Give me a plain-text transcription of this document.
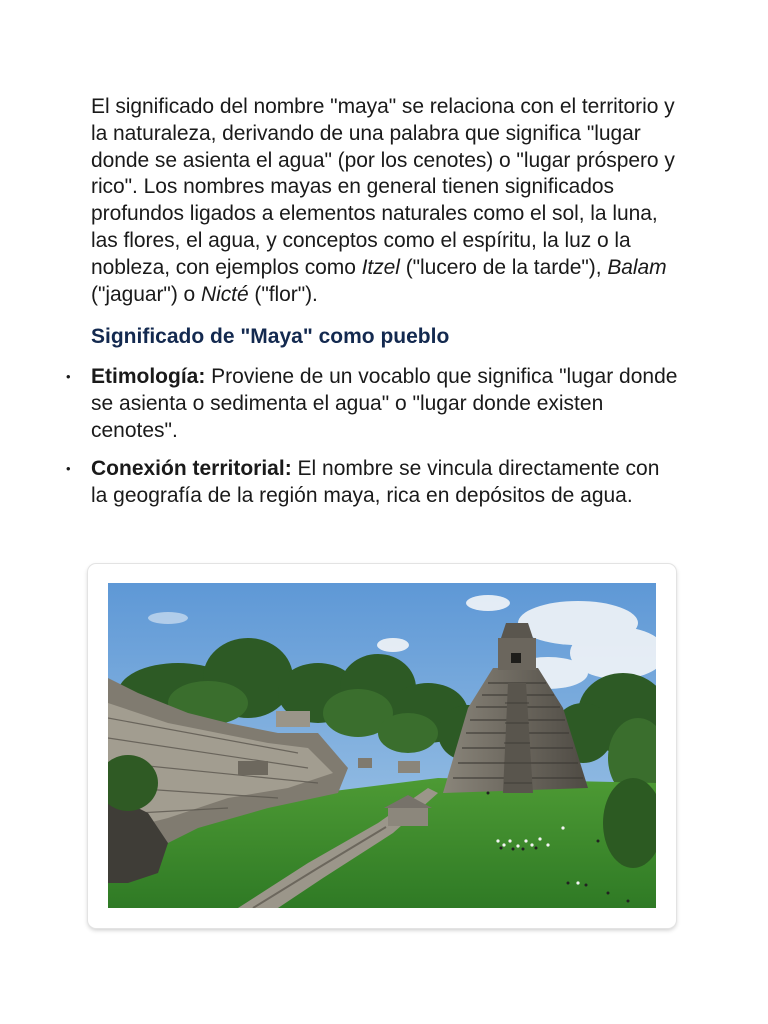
El significado del nombre "maya" se relaciona con el territorio y la naturaleza, derivando de una palabra que significa "lugar donde se asienta el agua" (por los cenotes) o "lugar próspero y rico". Los nombres mayas en general tienen significados profundos ligados a elementos naturales como el sol, la luna, las flores, el agua, y conceptos como el espíritu, la luz o la nobleza, con ejemplos como Itzel ("lucero de la tarde"), Balam ("jaguar") o Nicté ("flor").

Significado de "Maya" como pueblo
• Etimología: Proviene de un vocablo que significa "lugar donde se asienta o sedimenta el agua" o "lugar donde existen cenotes".
• Conexión territorial: El nombre se vincula directamente con la geografía de la región maya, rica en depósitos de agua.
